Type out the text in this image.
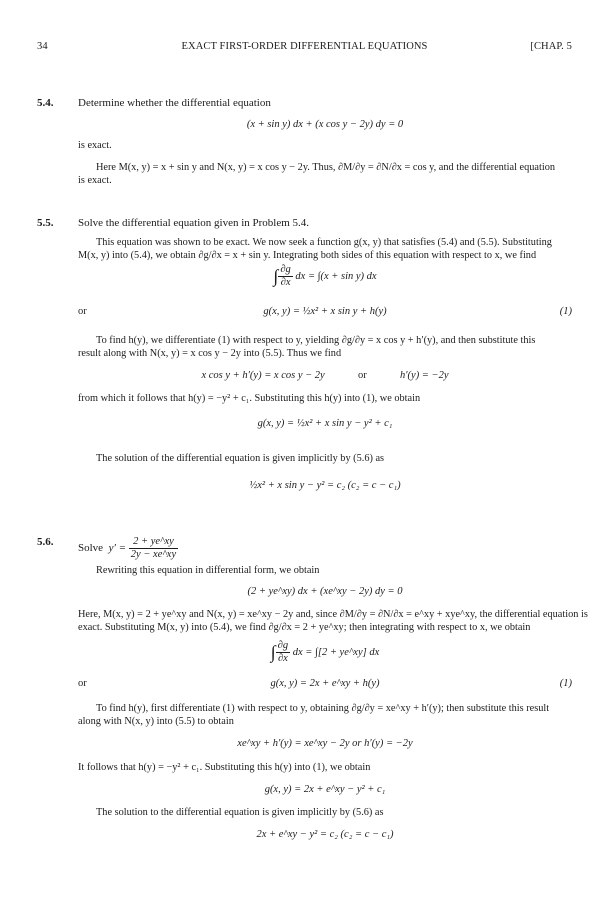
34	EXACT FIRST-ORDER DIFFERENTIAL EQUATIONS	[CHAP. 5
5.4. Determine whether the differential equation
(x + sin y) dx + (x cos y − 2y) dy = 0
is exact.
Here M(x, y) = x + sin y and N(x, y) = x cos y − 2y. Thus, ∂M/∂y = ∂N/∂x = cos y, and the differential equation
is exact.
5.5. Solve the differential equation given in Problem 5.4.
This equation was shown to be exact. We now seek a function g(x, y) that satisfies (5.4) and (5.5). Substituting
M(x, y) into (5.4), we obtain ∂g/∂x = x + sin y. Integrating both sides of this equation with respect to x, we find
∫ $\frac{\partial g}{\partial x}$ dx = ∫(x + sin y) dx
or	g(x, y) = ½x² + x sin y + h(y)	(1)
To find h(y), we differentiate (1) with respect to y, yielding ∂g/∂y = x cos y + h′(y), and then substitute this
result along with N(x, y) = x cos y − 2y into (5.5). Thus we find
x cos y + h′(y) = x cos y − 2y	or	h′(y) = −2y
from which it follows that h(y) = −y² + c₁. Substituting this h(y) into (1), we obtain
g(x, y) = ½x² + x sin y − y² + c₁
The solution of the differential equation is given implicitly by (5.6) as
½x² + x sin y − y² = c₂ (c₂ = c − c₁)
5.6.
Solve $y' = \frac{2 + ye\^{}xy}{2y - xe\^{}xy}$
Rewriting this equation in differential form, we obtain
(2 + ye^xy) dx + (xe^xy − 2y) dy = 0
Here, M(x, y) = 2 + ye^xy and N(x, y) = xe^xy − 2y and, since ∂M/∂y = ∂N/∂x = e^xy + xye^xy, the differential equation is
exact. Substituting M(x, y) into (5.4), we find ∂g/∂x = 2 + ye^xy; then integrating with respect to x, we obtain
∫ $\frac{\partial g}{\partial x}$ dx = ∫[2 + ye^xy] dx
or	g(x, y) = 2x + e^xy + h(y)	(1)
To find h(y), first differentiate (1) with respect to y, obtaining ∂g/∂y = xe^xy + h′(y); then substitute this result
along with N(x, y) into (5.5) to obtain
xe^xy + h′(y) = xe^xy − 2y or h′(y) = −2y
It follows that h(y) = −y² + c₁. Substituting this h(y) into (1), we obtain
g(x, y) = 2x + e^xy − y² + c₁
The solution to the differential equation is given implicitly by (5.6) as
2x + e^xy − y² = c₂ (c₂ = c − c₁)
